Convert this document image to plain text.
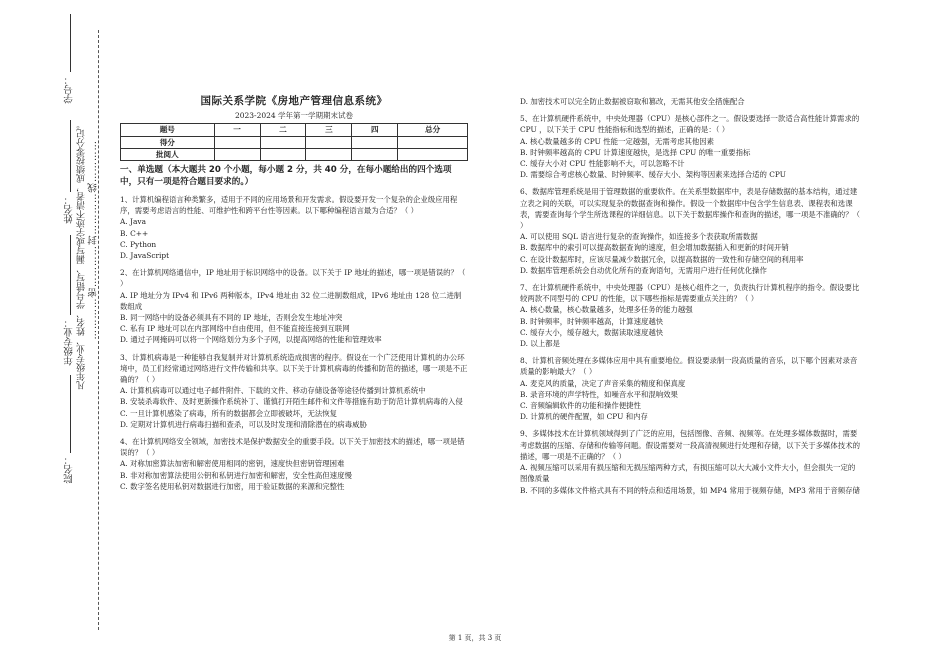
学号：
姓名：
年级专业：
院名：
…………密…………封…………线…………
凡年级专业、姓名、学号错写、漏写或字迹不清者，成绩按零分记。
国际关系学院《房地产管理信息系统》
2023-2024 学年第一学期期末试卷
题号	一	二	三	四	总分
得分					
批阅人					
一、单选题（本大题共 20 个小题，每小题 2 分，共 40 分，在每小题给出的四个选项中，只有一项是符合题目要求的。）

1、计算机编程语言种类繁多，适用于不同的应用场景和开发需求。假设要开发一个复杂的企业级应用程序，需要考虑语言的性能、可维护性和跨平台性等因素。以下哪种编程语言最为合适？（ ）

A. Java

B. C++

C. Python

D. JavaScript

2、在计算机网络通信中，IP 地址用于标识网络中的设备。以下关于 IP 地址的描述，哪一项是错误的？（ ）

A. IP 地址分为 IPv4 和 IPv6 两种版本，IPv4 地址由 32 位二进制数组成，IPv6 地址由 128 位二进制数组成

B. 同一网络中的设备必须具有不同的 IP 地址，否则会发生地址冲突

C. 私有 IP 地址可以在内部网络中自由使用，但不能直接连接到互联网

D. 通过子网掩码可以将一个网络划分为多个子网，以提高网络的性能和管理效率

3、计算机病毒是一种能够自我复制并对计算机系统造成损害的程序。假设在一个广泛使用计算机的办公环境中，员工们经常通过网络进行文件传输和共享。以下关于计算机病毒的传播和防范的描述，哪一项是不正确的？（ ）

A. 计算机病毒可以通过电子邮件附件、下载的文件、移动存储设备等途径传播到计算机系统中

B. 安装杀毒软件、及时更新操作系统补丁、谨慎打开陌生邮件和文件等措施有助于防范计算机病毒的入侵

C. 一旦计算机感染了病毒，所有的数据都会立即被破坏，无法恢复

D. 定期对计算机进行病毒扫描和查杀，可以及时发现和清除潜在的病毒威胁

4、在计算机网络安全领域，加密技术是保护数据安全的重要手段。以下关于加密技术的描述，哪一项是错误的？（ ）

A. 对称加密算法加密和解密使用相同的密钥，速度快但密钥管理困难

B. 非对称加密算法使用公钥和私钥进行加密和解密，安全性高但速度慢

C. 数字签名使用私钥对数据进行加密，用于验证数据的来源和完整性

D. 加密技术可以完全防止数据被窃取和篡改，无需其他安全措施配合

5、在计算机硬件系统中，中央处理器（CPU）是核心部件之一。假设要选择一款适合高性能计算需求的 CPU ，以下关于 CPU 性能指标和选型的描述，正确的是：（ ）

A. 核心数量越多的 CPU 性能一定越强，无需考虑其他因素

B. 时钟频率越高的 CPU 计算速度越快，是选择 CPU 的唯一重要指标

C. 缓存大小对 CPU 性能影响不大，可以忽略不计

D. 需要综合考虑核心数量、时钟频率、缓存大小、架构等因素来选择合适的 CPU

6、数据库管理系统是用于管理数据的重要软件。在关系型数据库中，表是存储数据的基本结构，通过建立表之间的关联，可以实现复杂的数据查询和操作。假设一个数据库中包含学生信息表、课程表和选课表，需要查询每个学生所选课程的详细信息。以下关于数据库操作和查询的描述，哪一项是不准确的？（ ）

A. 可以使用 SQL 语言进行复杂的查询操作，如连接多个表获取所需数据

B. 数据库中的索引可以提高数据查询的速度，但会增加数据插入和更新的时间开销

C. 在设计数据库时，应该尽量减少数据冗余，以提高数据的一致性和存储空间的利用率

D. 数据库管理系统会自动优化所有的查询语句，无需用户进行任何优化操作

7、在计算机硬件系统中，中央处理器（CPU）是核心组件之一，负责执行计算机程序的指令。假设要比较两款不同型号的 CPU 的性能，以下哪些指标是需要重点关注的？（ ）

A. 核心数量，核心数量越多，处理多任务的能力越强

B. 时钟频率，时钟频率越高，计算速度越快

C. 缓存大小，缓存越大，数据读取速度越快

D. 以上都是

8、计算机音频处理在多媒体应用中具有重要地位。假设要录制一段高质量的音乐，以下哪个因素对录音质量的影响最大？（ ）

A. 麦克风的质量，决定了声音采集的精度和保真度

B. 录音环境的声学特性，如噪音水平和混响效果

C. 音频编辑软件的功能和操作便捷性

D. 计算机的硬件配置，如 CPU 和内存

9、多媒体技术在计算机领域得到了广泛的应用，包括图像、音频、视频等。在处理多媒体数据时，需要考虑数据的压缩、存储和传输等问题。假设需要对一段高清视频进行处理和存储，以下关于多媒体技术的描述，哪一项是不正确的？（ ）

A. 视频压缩可以采用有损压缩和无损压缩两种方式，有损压缩可以大大减小文件大小，但会损失一定的图像质量

B. 不同的多媒体文件格式具有不同的特点和适用场景，如 MP4 常用于视频存储，MP3 常用于音频存储

第 1 页，共 3 页
